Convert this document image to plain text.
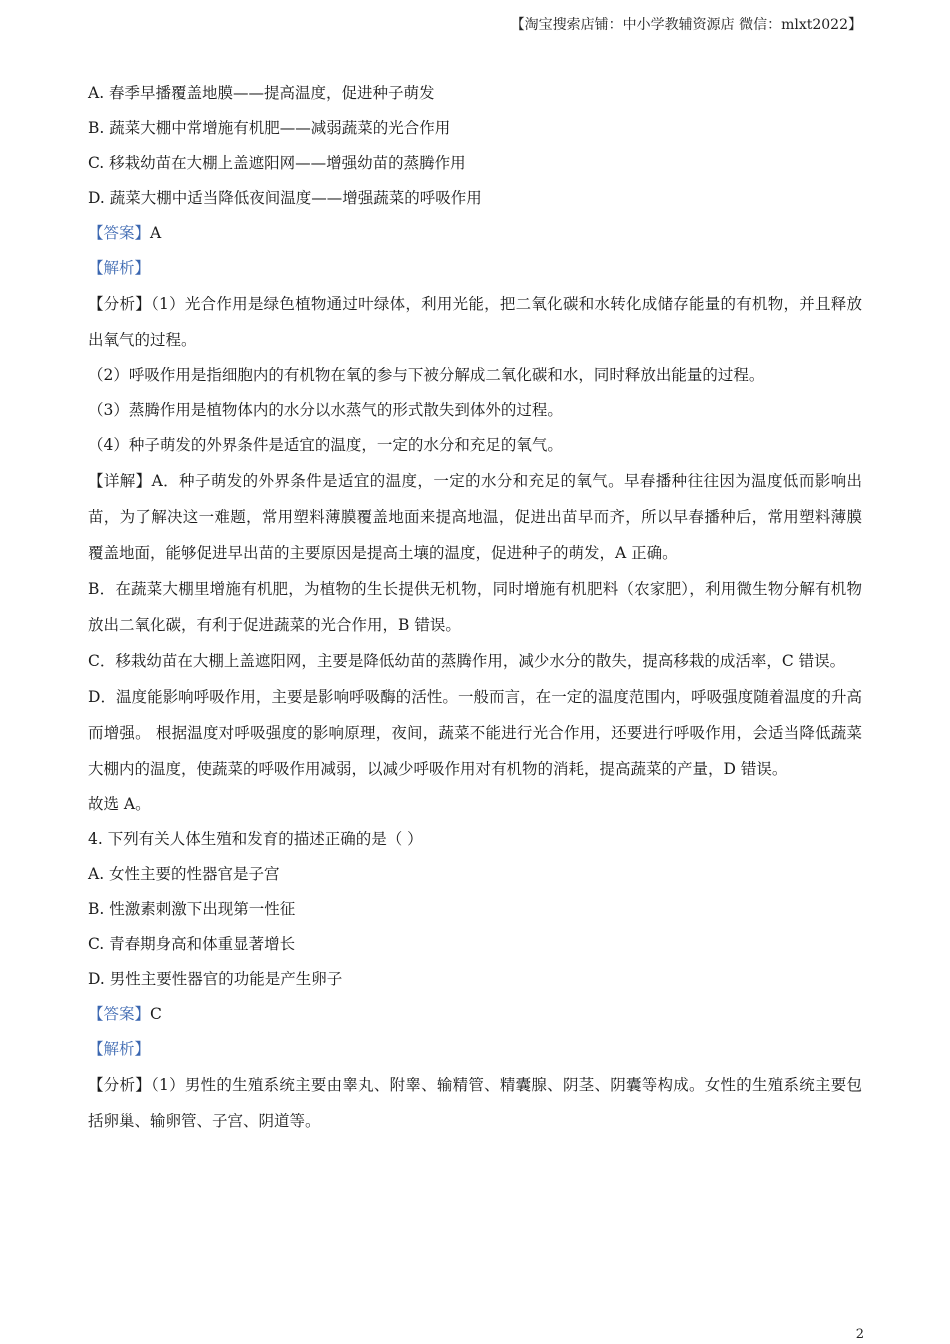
【淘宝搜索店铺：中小学教辅资源店 微信：mlxt2022】

A. 春季早播覆盖地膜——提高温度，促进种子萌发

B. 蔬菜大棚中常增施有机肥——减弱蔬菜的光合作用

C. 移栽幼苗在大棚上盖遮阳网——增强幼苗的蒸腾作用

D. 蔬菜大棚中适当降低夜间温度——增强蔬菜的呼吸作用

【答案】A

【解析】

【分析】（1）光合作用是绿色植物通过叶绿体，利用光能，把二氧化碳和水转化成储存能量的有机物，并且释放出氧气的过程。

（2）呼吸作用是指细胞内的有机物在氧的参与下被分解成二氧化碳和水，同时释放出能量的过程。

（3）蒸腾作用是植物体内的水分以水蒸气的形式散失到体外的过程。

（4）种子萌发的外界条件是适宜的温度，一定的水分和充足的氧气。

【详解】A．种子萌发的外界条件是适宜的温度，一定的水分和充足的氧气。早春播种往往因为温度低而影响出苗，为了解决这一难题，常用塑料薄膜覆盖地面来提高地温，促进出苗早而齐，所以早春播种后，常用塑料薄膜覆盖地面，能够促进早出苗的主要原因是提高土壤的温度，促进种子的萌发，A 正确。

B．在蔬菜大棚里增施有机肥，为植物的生长提供无机物，同时增施有机肥料（农家肥），利用微生物分解有机物放出二氧化碳，有利于促进蔬菜的光合作用，B 错误。

C．移栽幼苗在大棚上盖遮阳网，主要是降低幼苗的蒸腾作用，减少水分的散失，提高移栽的成活率，C 错误。

D．温度能影响呼吸作用，主要是影响呼吸酶的活性。一般而言，在一定的温度范围内，呼吸强度随着温度的升高而增强。 根据温度对呼吸强度的影响原理，夜间，蔬菜不能进行光合作用，还要进行呼吸作用，会适当降低蔬菜大棚内的温度，使蔬菜的呼吸作用减弱，以减少呼吸作用对有机物的消耗，提高蔬菜的产量，D 错误。

故选 A。

4. 下列有关人体生殖和发育的描述正确的是（ ）

A. 女性主要的性器官是子宫

B. 性激素刺激下出现第一性征

C. 青春期身高和体重显著增长

D. 男性主要性器官的功能是产生卵子

【答案】C

【解析】

【分析】（1）男性的生殖系统主要由睾丸、附睾、输精管、精囊腺、阴茎、阴囊等构成。女性的生殖系统主要包括卵巢、输卵管、子宫、阴道等。

2
